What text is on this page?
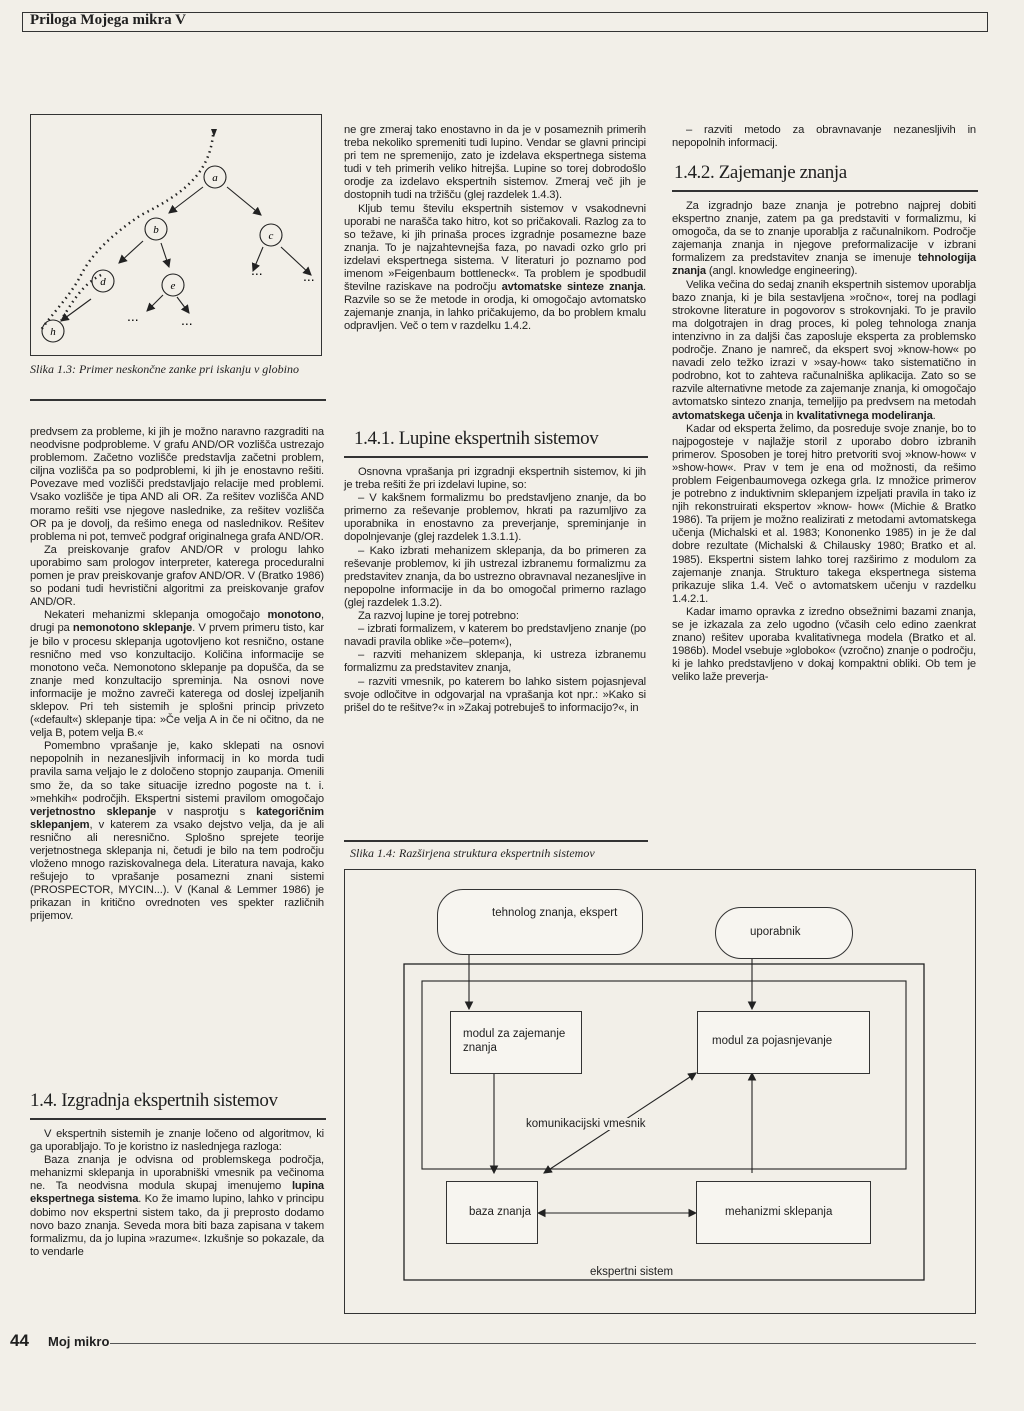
Priloga Mojega mikra V
a
b	c
d	e
h
...	...
...	...
Slika 1.3: Primer neskončne zanke pri iskanju v globino

predvsem za probleme, ki jih je možno naravno razgraditi na neodvisne podprobleme. V grafu AND/OR vozlišča ustrezajo problemom. Začetno vozlišče predstavlja začetni problem, ciljna vozlišča pa so podproblemi, ki jih je enostavno rešiti. Povezave med vozlišči predstavljajo relacije med problemi. Vsako vozlišče je tipa AND ali OR. Za rešitev vozlišča AND moramo rešiti vse njegove naslednike, za rešitev vozlišča OR pa je dovolj, da rešimo enega od naslednikov. Rešitev problema ni pot, temveč podgraf originalnega grafa AND/OR.

Za preiskovanje grafov AND/OR v prologu lahko uporabimo sam prologov interpreter, katerega proceduralni pomen je prav preiskovanje grafov AND/OR. V (Bratko 1986) so podani tudi hevristični algoritmi za preiskovanje grafov AND/OR.

Nekateri mehanizmi sklepanja omogočajo monotono, drugi pa nemonotono sklepanje. V prvem primeru tisto, kar je bilo v procesu sklepanja ugotovljeno kot resnično, ostane resnično med vso konzultacijo. Količina informacije se monotono veča. Nemonotono sklepanje pa dopušča, da se znanje med konzultacijo spreminja. Na osnovi nove informacije je možno zavreči katerega od doslej izpeljanih sklepov. Pri teh sistemih je splošni princip privzeto («default«) sklepanje tipa: »Če velja A in če ni očitno, da ne velja B, potem velja B.«

Pomembno vprašanje je, kako sklepati na osnovi nepopolnih in nezanesljivih informacij in ko morda tudi pravila sama veljajo le z določeno stopnjo zaupanja. Omenili smo že, da so take situacije izredno pogoste na t. i. »mehkih« področjih. Ekspertni sistemi pravilom omogočajo verjetnostno sklepanje v nasprotju s kategoričnim sklepanjem, v katerem za vsako dejstvo velja, da je ali resnično ali neresnično. Splošno sprejete teorije verjetnostnega sklepanja ni, četudi je bilo na tem področju vloženo mnogo raziskovalnega dela. Literatura navaja, kako rešujejo to vprašanje posamezni znani sistemi (PROSPECTOR, MYCIN...). V (Kanal & Lemmer 1986) je prikazan in kritično ovrednoten ves spekter različnih prijemov.

1.4. Izgradnja ekspertnih sistemov

V ekspertnih sistemih je znanje ločeno od algoritmov, ki ga uporabljajo. To je koristno iz naslednjega razloga:

Baza znanja je odvisna od problemskega področja, mehanizmi sklepanja in uporabniški vmesnik pa večinoma ne. Ta neodvisna modula skupaj imenujemo lupina ekspertnega sistema. Ko že imamo lupino, lahko v principu dobimo nov ekspertni sistem tako, da ji preprosto dodamo novo bazo znanja. Seveda mora biti baza zapisana v takem formalizmu, da jo lupina »razume«. Izkušnje so pokazale, da to vendarle

ne gre zmeraj tako enostavno in da je v posameznih primerih treba nekoliko spremeniti tudi lupino. Vendar se glavni principi pri tem ne spremenijo, zato je izdelava ekspertnega sistema tudi v teh primerih veliko hitrejša. Lupine so torej dobrodošlo orodje za izdelavo ekspertnih sistemov. Zmeraj več jih je dostopnih tudi na tržišču (glej razdelek 1.4.3).

Kljub temu številu ekspertnih sistemov v vsakodnevni uporabi ne narašča tako hitro, kot so pričakovali. Razlog za to so težave, ki jih prinaša proces izgradnje posamezne baze znanja. To je najzahtevnejša faza, po navadi ozko grlo pri izdelavi ekspertnega sistema. V literaturi jo poznamo pod imenom »Feigenbaum bottleneck«. Ta problem je spodbudil številne raziskave na področju avtomatske sinteze znanja. Razvile so se že metode in orodja, ki omogočajo avtomatsko zajemanje znanja, in lahko pričakujemo, da bo problem kmalu odpravljen. Več o tem v razdelku 1.4.2.

1.4.1. Lupine ekspertnih sistemov

Osnovna vprašanja pri izgradnji ekspertnih sistemov, ki jih je treba rešiti že pri izdelavi lupine, so:

– V kakšnem formalizmu bo predstavljeno znanje, da bo primerno za reševanje problemov, hkrati pa razumljivo za uporabnika in enostavno za preverjanje, spreminjanje in dopolnjevanje (glej razdelek 1.3.1.1).

– Kako izbrati mehanizem sklepanja, da bo primeren za reševanje problemov, ki jih ustrezal izbranemu formalizmu za predstavitev znanja, da bo ustrezno obravnaval nezanesljive in nepopolne informacije in da bo omogočal primerno razlago (glej razdelek 1.3.2).

Za razvoj lupine je torej potrebno:

– izbrati formalizem, v katerem bo predstavljeno znanje (po navadi pravila oblike »če–potem«),

– razviti mehanizem sklepanja, ki ustreza izbranemu formalizmu za predstavitev znanja,

– razviti vmesnik, po katerem bo lahko sistem pojasnjeval svoje odločitve in odgovarjal na vprašanja kot npr.: »Kako si prišel do te rešitve?« in »Zakaj potrebuješ to informacijo?«, in

Slika 1.4: Razširjena struktura ekspertnih sistemov

– razviti metodo za obravnavanje nezanesljivih in nepopolnih informacij.

1.4.2. Zajemanje znanja

Za izgradnjo baze znanja je potrebno najprej dobiti ekspertno znanje, zatem pa ga predstaviti v formalizmu, ki omogoča, da se to znanje uporablja z računalnikom. Področje zajemanja znanja in njegove preformalizacije v izbrani formalizem za predstavitev znanja se imenuje tehnologija znanja (angl. knowledge engineering).

Velika večina do sedaj znanih ekspertnih sistemov uporablja bazo znanja, ki je bila sestavljena »ročno«, torej na podlagi strokovne literature in pogovorov s strokovnjaki. To je pravilo ma dolgotrajen in drag proces, ki poleg tehnologa znanja intenzivno in za daljši čas zaposluje eksperta za problemsko področje. Znano je namreč, da ekspert svoj »know-how« po navadi zelo težko izrazi v »say-how« tako sistematično in podrobno, kot to zahteva računalniška aplikacija. Zato so se razvile alternativne metode za zajemanje znanja, ki omogočajo avtomatsko sintezo znanja, temeljijo pa predvsem na metodah avtomatskega učenja in kvalitativnega modeliranja.

Kadar od eksperta želimo, da posreduje svoje znanje, bo to najpogosteje v najlažje storil z uporabo dobro izbranih primerov. Sposoben je torej hitro pretvoriti svoj »know-how« v »show-how«. Prav v tem je ena od možnosti, da rešimo problem Feigenbaumovega ozkega grla. Iz množice primerov je potrebno z induktivnim sklepanjem izpeljati pravila in tako iz njih rekonstruirati ekspertov »know- how« (Michie & Bratko 1986). Ta prijem je možno realizirati z metodami avtomatskega učenja (Michalski et al. 1983; Kononenko 1985) in je že dal dobre rezultate (Michalski & Chilausky 1980; Bratko et al. 1985). Ekspertni sistem lahko torej razširimo z modulom za zajemanje znanja. Strukturo takega ekspertnega sistema prikazuje slika 1.4. Več o avtomatskem učenju v razdelku 1.4.2.1.

Kadar imamo opravka z izredno obsežnimi bazami znanja, se je izkazala za zelo ugodno (včasih celo edino zaenkrat znano) rešitev uporaba kvalitativnega modela (Bratko et al. 1986b). Model vsebuje »globoko« (vzročno) znanje o področju, ki je lahko predstavljeno v dokaj kompaktni obliki. Ob tem je veliko laže preverja-

tehnolog znanja, ekspert
uporabnik
modul za zajemanje znanja
modul za pojasnjevanje
komunikacijski vmesnik
baza znanja	mehanizmi sklepanja
ekspertni sistem
44 Moj mikro
